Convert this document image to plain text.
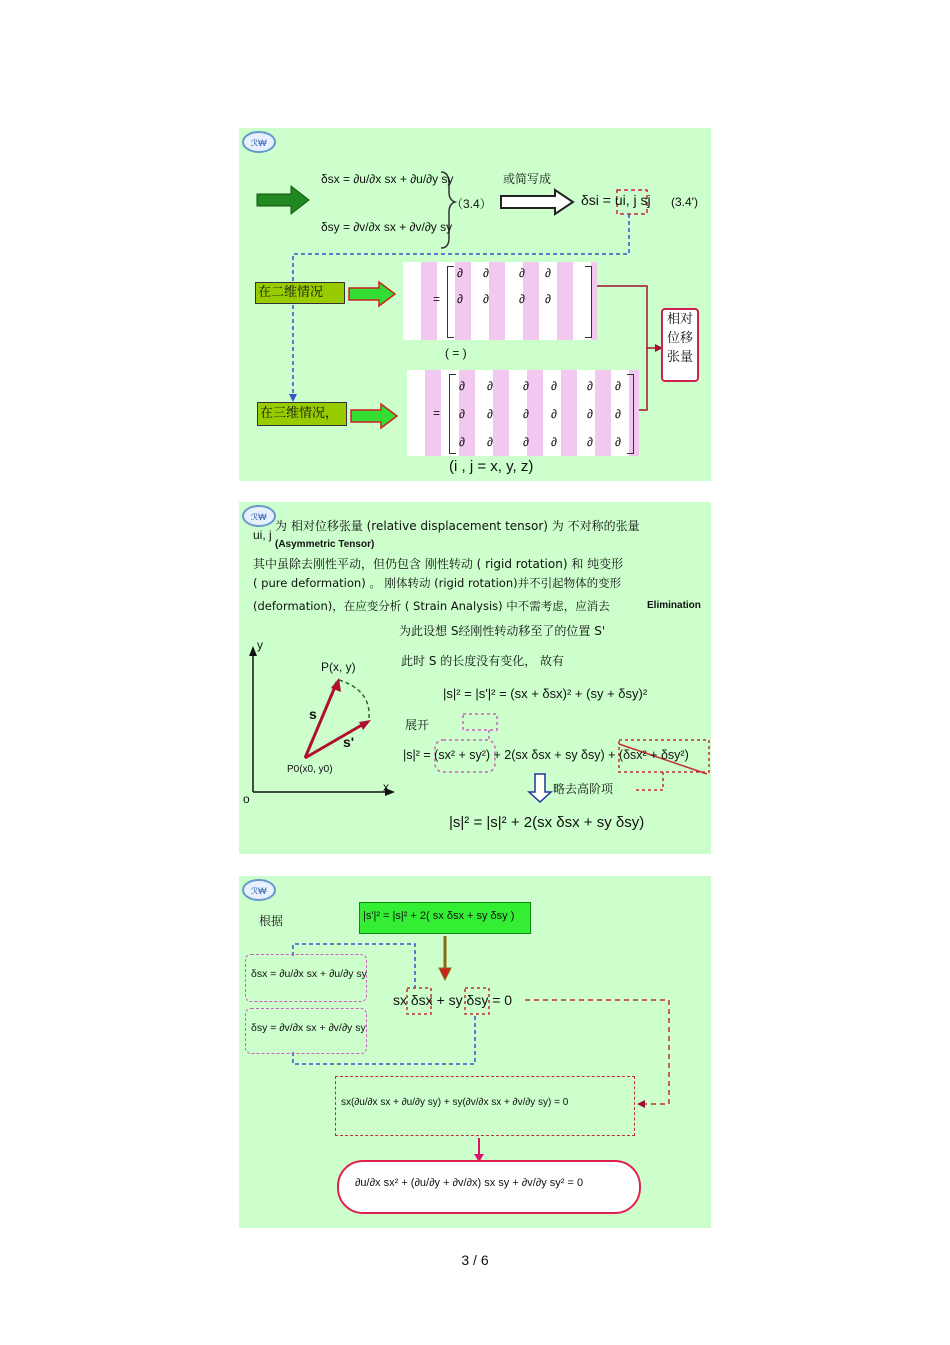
ℛ₩
δsx = ∂u/∂x sx + ∂u/∂y sy
δsy = ∂v/∂x sx + ∂v/∂y sy
（3.4）
或简写成
δsi = ui, j sj (3.4')
在二维情况	=
∂ ∂	∂ ∂
∂ ∂	∂ ∂
( = )
相对
位移
张量
在三维情况，	=
∂ ∂	∂ ∂	∂ ∂
∂ ∂	∂ ∂	∂ ∂
∂ ∂	∂ ∂	∂ ∂
(i , j = x, y, z)
ℛ₩
ui, j
为 相对位移张量 (relative displacement tensor) 为 不对称的张量
(Asymmetric Tensor)
其中虽除去刚性平动，但仍包含 刚性转动 ( rigid rotation) 和 纯变形
( pure deformation) 。 刚体转动 (rigid rotation)并不引起物体的变形
(deformation)，在应变分析 ( Strain Analysis) 中不需考虑，应消去	Elimination
为此设想 S经刚性转动移至了的位置 S'
此时 S 的长度没有变化， 故有
y
x
o
P(x, y)
P0(x0, y0)
s
s'
|s|² = |s'|² = (sx + δsx)² + (sy + δsy)²
展开
|s|² = (sx² + sy²) + 2(sx δsx + sy δsy) + (δsx² + δsy²)
略去高阶项
|s|² = |s|² + 2(sx δsx + sy δsy)
ℛ₩
根据	|s'|² = |s|² + 2( sx δsx + sy δsy )
δsx = ∂u/∂x sx + ∂u/∂y sy
δsy = ∂v/∂x sx + ∂v/∂y sy
sx δsx + sy δsy = 0
sx(∂u/∂x sx + ∂u/∂y sy) + sy(∂v/∂x sx + ∂v/∂y sy) = 0
∂u/∂x sx² + (∂u/∂y + ∂v/∂x) sx sy + ∂v/∂y sy² = 0
3 / 6
